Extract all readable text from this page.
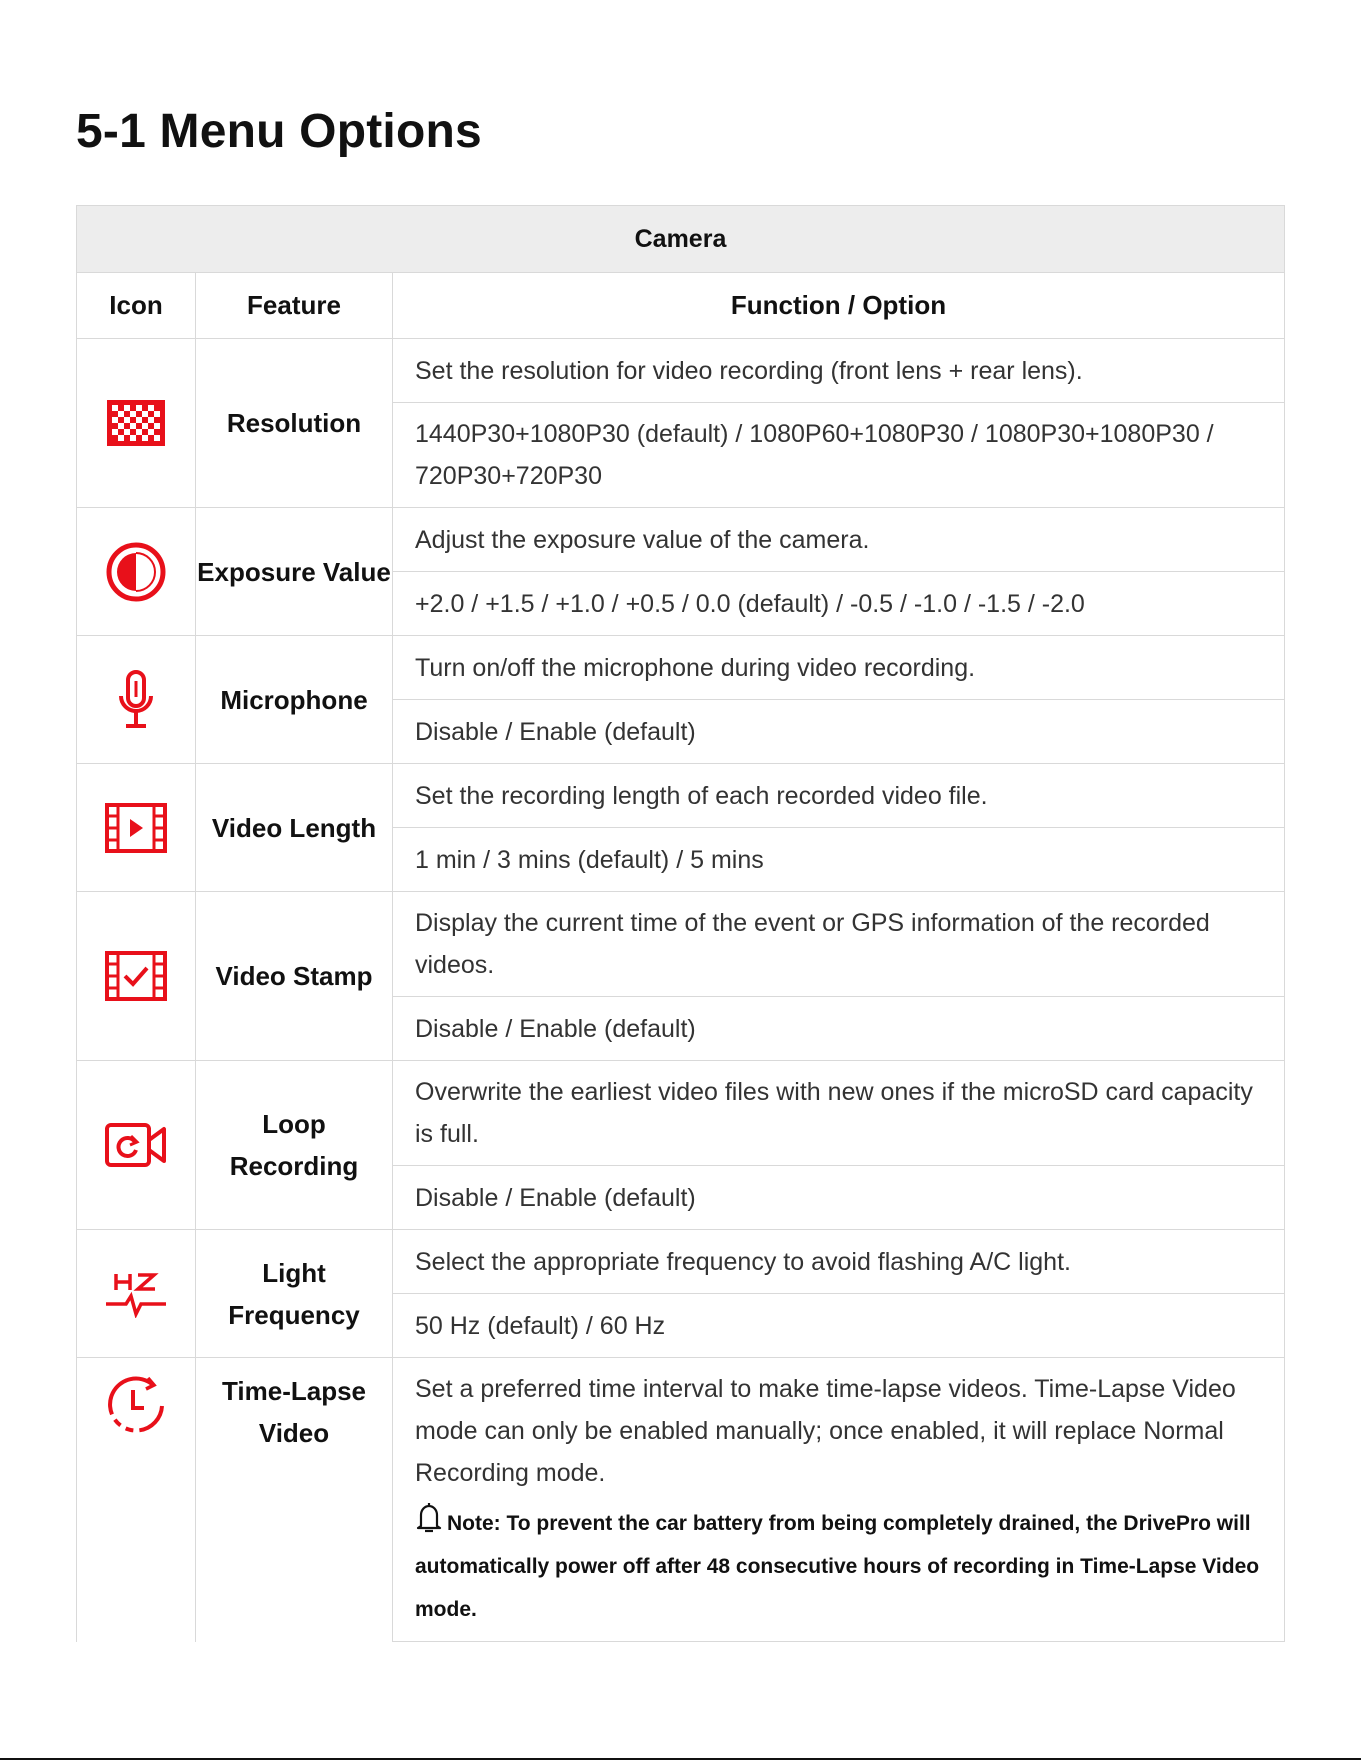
5-1 Menu Options
Camera		
Icon	Feature	Function / Option
	Resolution	Set the resolution for video recording (front lens + rear lens).
		1440P30+1080P30 (default) / 1080P60+1080P30 / 1080P30+1080P30 / 720P30+720P30
	Exposure Value	Adjust the exposure value of the camera.
		+2.0 / +1.5 / +1.0 / +0.5 / 0.0 (default) / -0.5 / -1.0 / -1.5 / -2.0
	Microphone	Turn on/off the microphone during video recording.
		Disable / Enable (default)
	Video Length	Set the recording length of each recorded video file.
		1 min / 3 mins (default) / 5 mins
	Video Stamp	Display the current time of the event or GPS information of the recorded videos.
		Disable / Enable (default)
	Loop Recording	Overwrite the earliest video files with new ones if the microSD card capacity is full.
		Disable / Enable (default)
	Light Frequency	Select the appropriate frequency to avoid flashing A/C light.
		50 Hz (default) / 60 Hz
	Time-Lapse Video	Set a preferred time interval to make time-lapse videos. Time-Lapse Video mode can only be enabled manually; once enabled, it will replace Normal Recording mode.
Note: To prevent the car battery from being completely drained, the DrivePro will automatically power off after 48 consecutive hours of recording in Time-Lapse Video mode.
